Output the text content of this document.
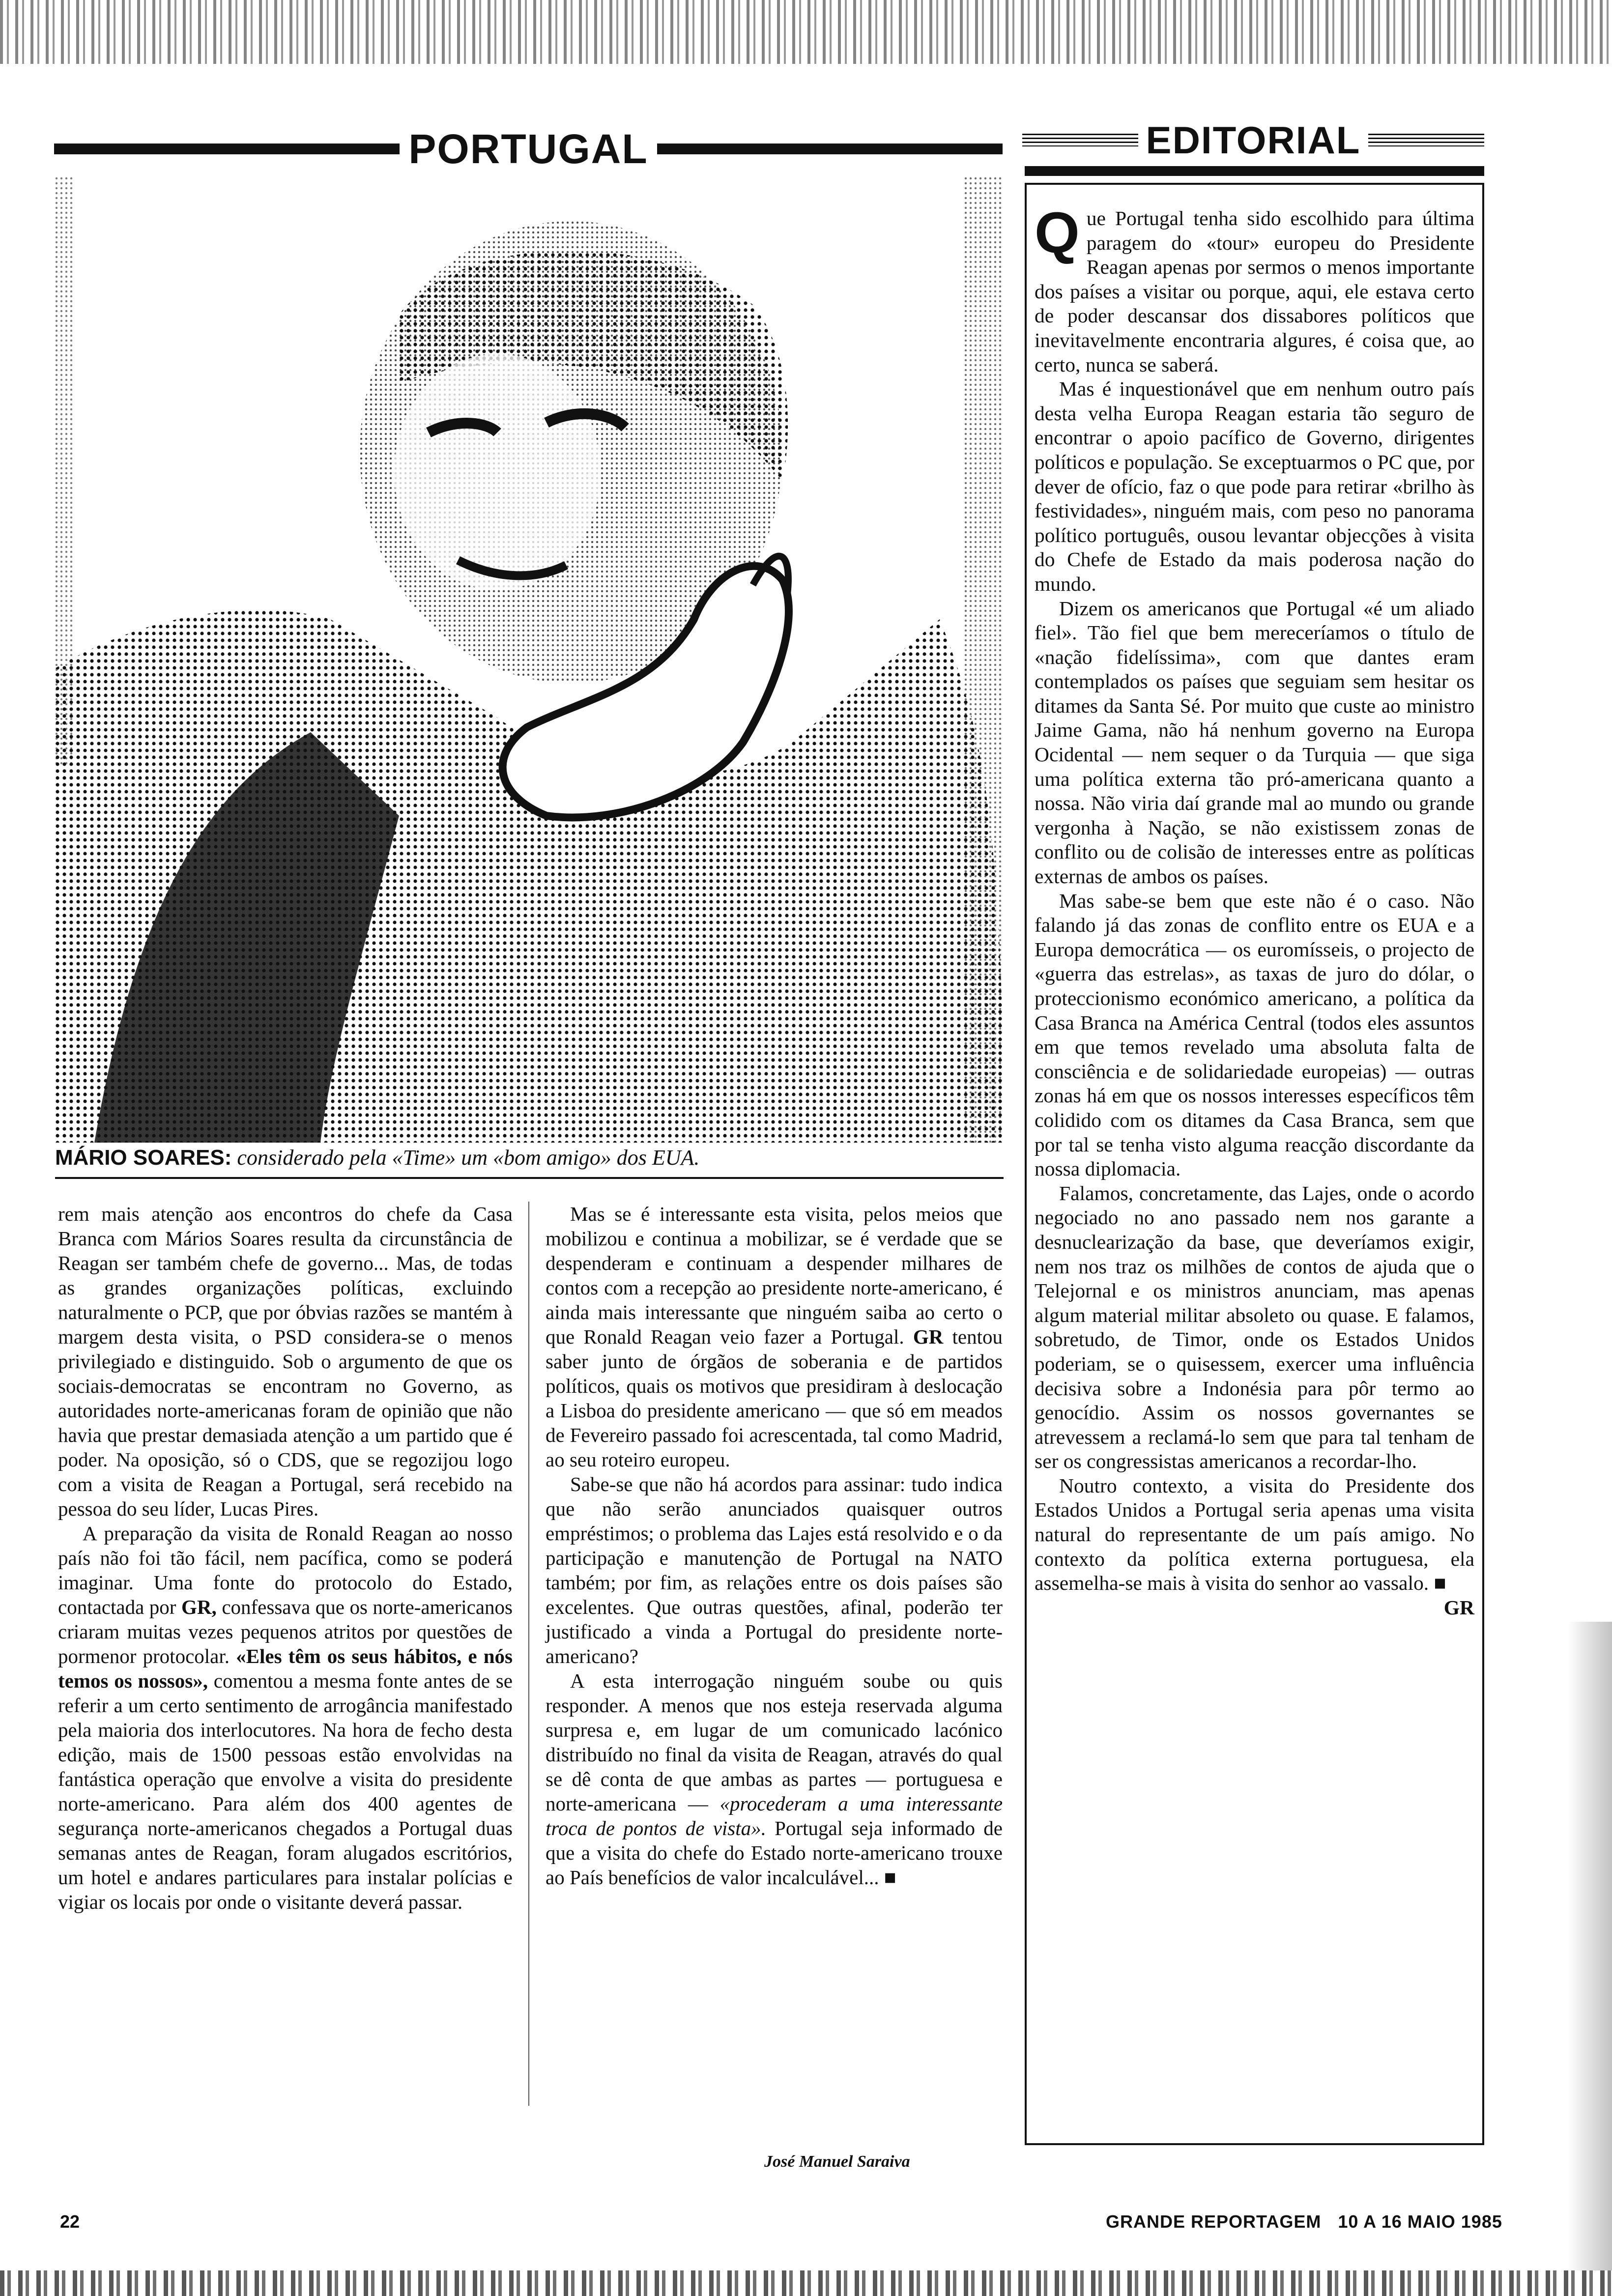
PORTUGAL	EDITORIAL
MÁRIO SOARES: considerado pela «Time» um «bom amigo» dos EUA.

rem mais atenção aos encontros do chefe da Casa Branca com Mários Soares resulta da circunstância de Reagan ser também chefe de governo... Mas, de todas as grandes organizações políticas, excluindo naturalmente o PCP, que por óbvias razões se mantém à margem desta visita, o PSD considera-se o menos privilegiado e distinguido. Sob o argumento de que os sociais-democratas se encontram no Governo, as autoridades norte-americanas foram de opinião que não havia que prestar demasiada atenção a um partido que é poder. Na oposição, só o CDS, que se regozijou logo com a visita de Reagan a Portugal, será recebido na pessoa do seu líder, Lucas Pires.

A preparação da visita de Ronald Reagan ao nosso país não foi tão fácil, nem pacífica, como se poderá imaginar. Uma fonte do protocolo do Estado, contactada por GR, confessava que os norte-americanos criaram muitas vezes pequenos atritos por questões de pormenor protocolar. «Eles têm os seus hábitos, e nós temos os nossos», comentou a mesma fonte antes de se referir a um certo sentimento de arrogância manifestado pela maioria dos interlocutores. Na hora de fecho desta edição, mais de 1500 pessoas estão envolvidas na fantástica operação que envolve a visita do presidente norte-americano. Para além dos 400 agentes de segurança norte-americanos chegados a Portugal duas semanas antes de Reagan, foram alugados escritórios, um hotel e andares particulares para instalar polícias e vigiar os locais por onde o visitante deverá passar.

Mas se é interessante esta visita, pelos meios que mobilizou e continua a mobilizar, se é verdade que se despenderam e continuam a despender milhares de contos com a recepção ao presidente norte-americano, é ainda mais interessante que ninguém saiba ao certo o que Ronald Reagan veio fazer a Portugal. GR tentou saber junto de órgãos de soberania e de partidos políticos, quais os motivos que presidiram à deslocação a Lisboa do presidente americano — que só em meados de Fevereiro passado foi acrescentada, tal como Madrid, ao seu roteiro europeu.

Sabe-se que não há acordos para assinar: tudo indica que não serão anunciados quaisquer outros empréstimos; o problema das Lajes está resolvido e o da participação e manutenção de Portugal na NATO também; por fim, as relações entre os dois países são excelentes. Que outras questões, afinal, poderão ter justificado a vinda a Portugal do presidente norte-americano?

A esta interrogação ninguém soube ou quis responder. A menos que nos esteja reservada alguma surpresa e, em lugar de um comunicado lacónico distribuído no final da visita de Reagan, através do qual se dê conta de que ambas as partes — portuguesa e norte-americana — «procederam a uma interessante troca de pontos de vista». Portugal seja informado de que a visita do chefe do Estado norte-americano trouxe ao País benefícios de valor incalculável... ■

José Manuel Saraiva

Que Portugal tenha sido escolhido para última paragem do «tour» europeu do Presidente Reagan apenas por sermos o menos importante dos países a visitar ou porque, aqui, ele estava certo de poder descansar dos dissabores políticos que inevitavelmente encontraria algures, é coisa que, ao certo, nunca se saberá.

Mas é inquestionável que em nenhum outro país desta velha Europa Reagan estaria tão seguro de encontrar o apoio pacífico de Governo, dirigentes políticos e população. Se exceptuarmos o PC que, por dever de ofício, faz o que pode para retirar «brilho às festividades», ninguém mais, com peso no panorama político português, ousou levantar objecções à visita do Chefe de Estado da mais poderosa nação do mundo.

Dizem os americanos que Portugal «é um aliado fiel». Tão fiel que bem mereceríamos o título de «nação fidelíssima», com que dantes eram contemplados os países que seguiam sem hesitar os ditames da Santa Sé. Por muito que custe ao ministro Jaime Gama, não há nenhum governo na Europa Ocidental — nem sequer o da Turquia — que siga uma política externa tão pró-americana quanto a nossa. Não viria daí grande mal ao mundo ou grande vergonha à Nação, se não existissem zonas de conflito ou de colisão de interesses entre as políticas externas de ambos os países.

Mas sabe-se bem que este não é o caso. Não falando já das zonas de conflito entre os EUA e a Europa democrática — os euromísseis, o projecto de «guerra das estrelas», as taxas de juro do dólar, o proteccionismo económico americano, a política da Casa Branca na América Central (todos eles assuntos em que temos revelado uma absoluta falta de consciência e de solidariedade europeias) — outras zonas há em que os nossos interesses específicos têm colidido com os ditames da Casa Branca, sem que por tal se tenha visto alguma reacção discordante da nossa diplomacia.

Falamos, concretamente, das Lajes, onde o acordo negociado no ano passado nem nos garante a desnuclearização da base, que deveríamos exigir, nem nos traz os milhões de contos de ajuda que o Telejornal e os ministros anunciam, mas apenas algum material militar absoleto ou quase. E falamos, sobretudo, de Timor, onde os Estados Unidos poderiam, se o quisessem, exercer uma influência decisiva sobre a Indonésia para pôr termo ao genocídio. Assim os nossos governantes se atrevessem a reclamá-lo sem que para tal tenham de ser os congressistas americanos a recordar-lho.

Noutro contexto, a visita do Presidente dos Estados Unidos a Portugal seria apenas uma visita natural do representante de um país amigo. No contexto da política externa portuguesa, ela assemelha-se mais à visita do senhor ao vassalo. ■
GR

22	GRANDE REPORTAGEM 10 A 16 MAIO 1985
